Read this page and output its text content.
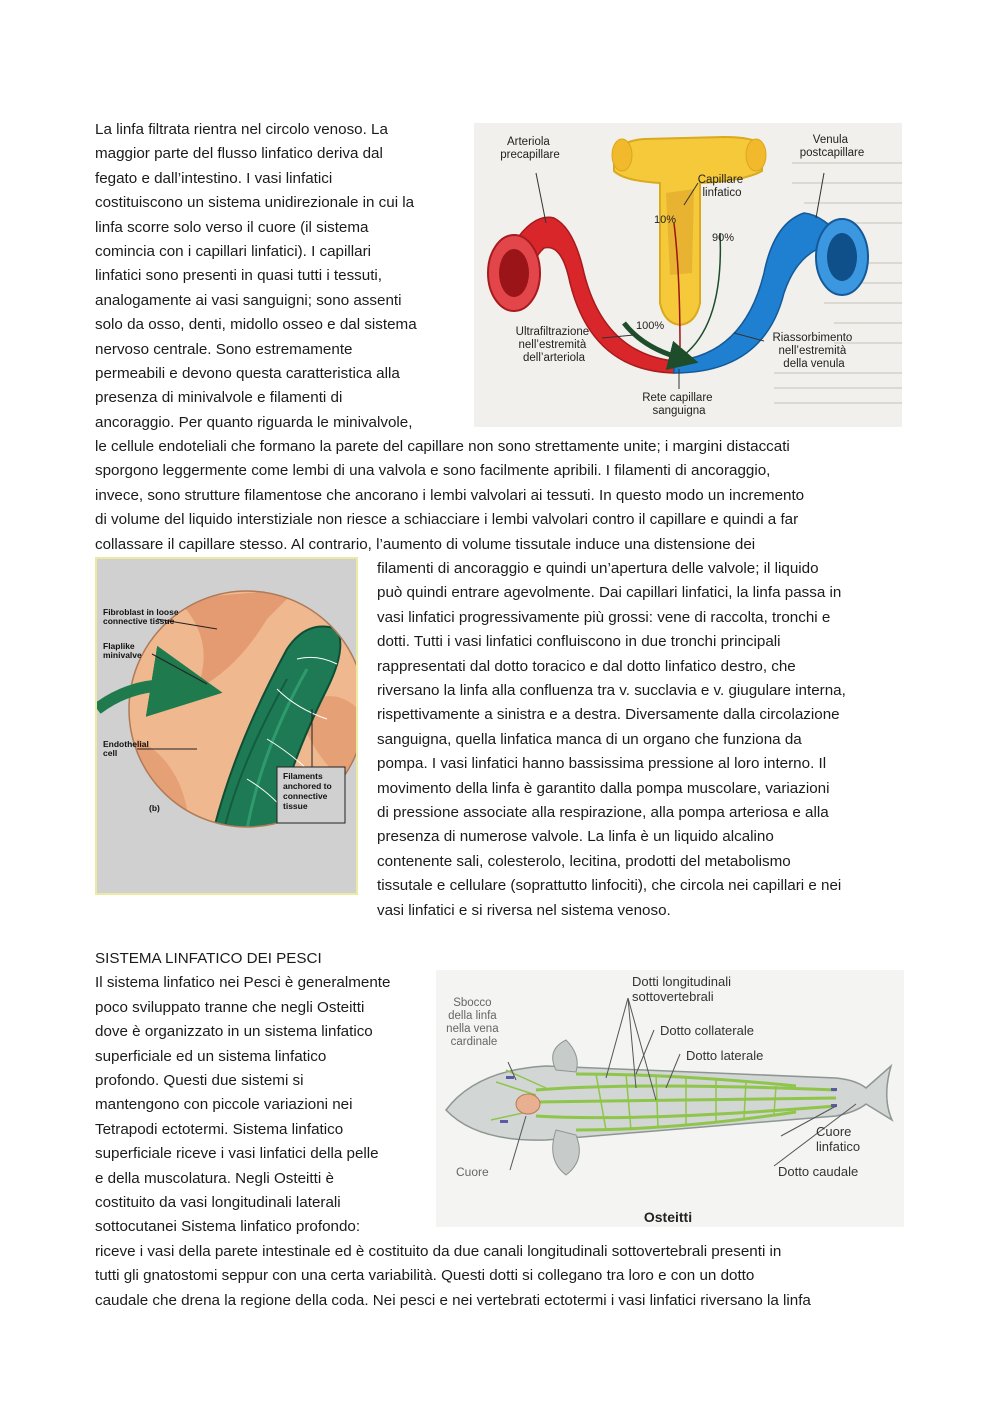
La linfa filtrata rientra nel circolo venoso. La
maggior parte del flusso linfatico deriva dal
fegato e dall’intestino. I vasi linfatici
costituiscono un sistema unidirezionale in cui la
linfa scorre solo verso il cuore (il sistema
comincia con i capillari linfatici). I capillari
linfatici sono presenti in quasi tutti i tessuti,
analogamente ai vasi sanguigni; sono assenti
solo da osso, denti, midollo osseo e dal sistema
nervoso centrale. Sono estremamente
permeabili e devono questa caratteristica alla
presenza di minivalvole e filamenti di
ancoraggio. Per quanto riguarda le minivalvole,
Arteriola precapillare
Venula postcapillare
Capillare linfatico
10%
90%
100%
Ultrafiltrazione nell’estremità dell’arteriola
Riassorbimento nell’estremità della venula
Rete capillare sanguigna
le cellule endoteliali che formano la parete del capillare non sono strettamente unite; i margini distaccati
sporgono leggermente come lembi di una valvola e sono facilmente apribili. I filamenti di ancoraggio,
invece, sono strutture filamentose che ancorano i lembi valvolari ai tessuti. In questo modo un incremento
di volume del liquido interstiziale non riesce a schiacciare i lembi valvolari contro il capillare e quindi a far
collassare il capillare stesso. Al contrario, l’aumento di volume tissutale induce una distensione dei
Fibroblast in loose connective tissue
Flaplike minivalve
Endothelial cell
Filaments anchored to connective tissue
(b)
filamenti di ancoraggio e quindi un’apertura delle valvole; il liquido
può quindi entrare agevolmente. Dai capillari linfatici, la linfa passa in
vasi linfatici progressivamente più grossi: vene di raccolta, tronchi e
dotti. Tutti i vasi linfatici confluiscono in due tronchi principali
rappresentati dal dotto toracico e dal dotto linfatico destro, che
riversano la linfa alla confluenza tra v. succlavia e v. giugulare interna,
rispettivamente a sinistra e a destra. Diversamente dalla circolazione
sanguigna, quella linfatica manca di un organo che funziona da
pompa. I vasi linfatici hanno bassissima pressione al loro interno. Il
movimento della linfa è garantito dalla pompa muscolare, variazioni
di pressione associate alla respirazione, alla pompa arteriosa e alla
presenza di numerose valvole. La linfa è un liquido alcalino
contenente sali, colesterolo, lecitina, prodotti del metabolismo
tissutale e cellulare (soprattutto linfociti), che circola nei capillari e nei
vasi linfatici e si riversa nel sistema venoso.
SISTEMA LINFATICO DEI PESCI
Il sistema linfatico nei Pesci è generalmente
poco sviluppato tranne che negli Osteitti
dove è organizzato in un sistema linfatico
superficiale ed un sistema linfatico
profondo. Questi due sistemi si
mantengono con piccole variazioni nei
Tetrapodi ectotermi. Sistema linfatico
superficiale riceve i vasi linfatici della pelle
e della muscolatura. Negli Osteitti è
costituito da vasi longitudinali laterali
sottocutanei Sistema linfatico profondo:
riceve i vasi della parete intestinale ed è costituito da due canali longitudinali sottovertebrali presenti in
tutti gli gnatostomi seppur con una certa variabilità. Questi dotti si collegano tra loro e con un dotto
caudale che drena la regione della coda. Nei pesci e nei vertebrati ectotermi i vasi linfatici riversano la linfa
Dotti longitudinali sottovertebrali
Sbocco della linfa nella vena cardinale
Dotto collaterale
Dotto laterale
Cuore linfatico
Cuore	Dotto caudale
Osteitti
